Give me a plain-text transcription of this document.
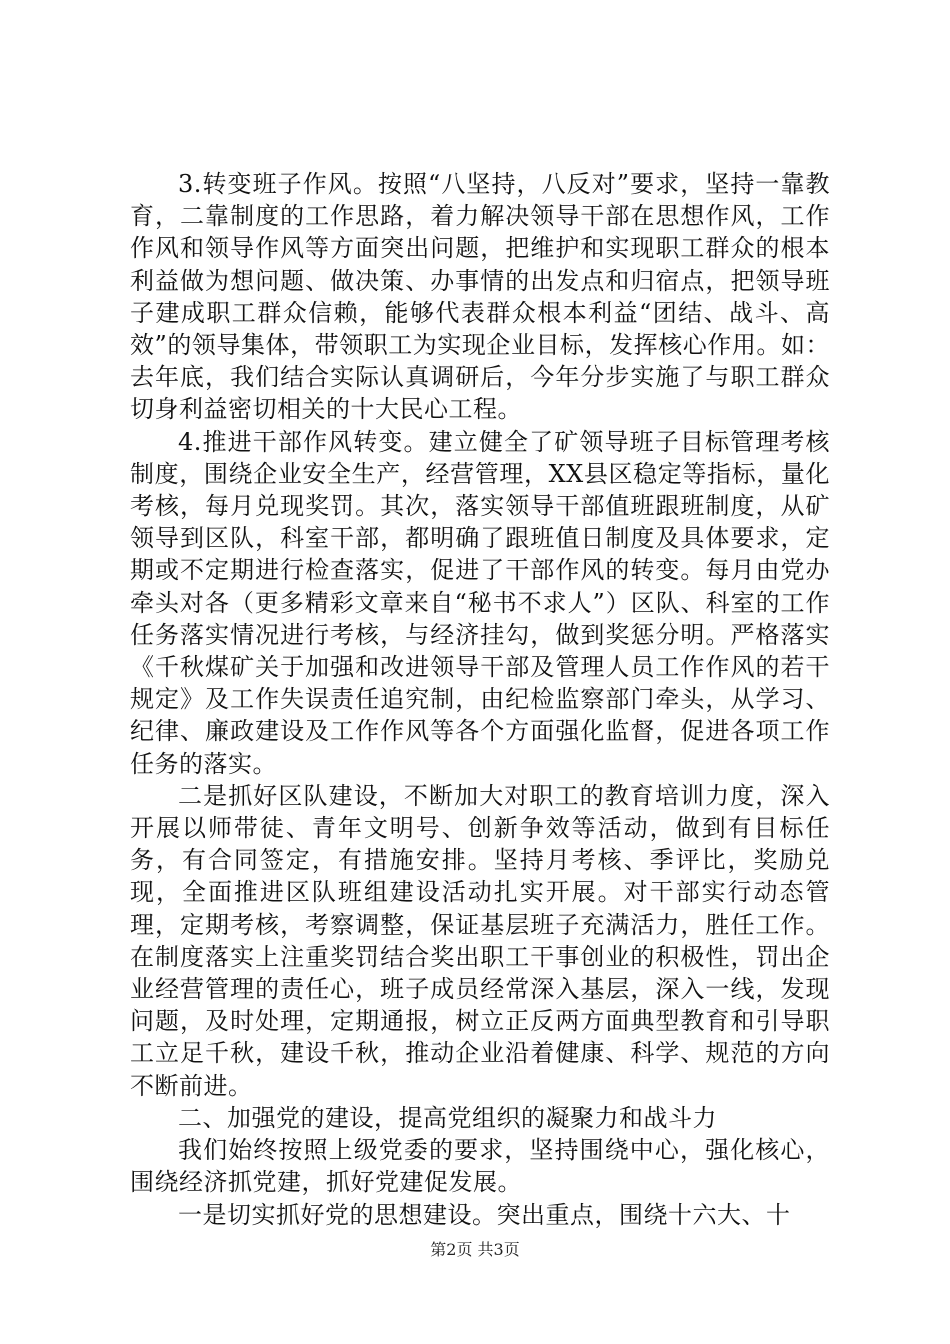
3.转变班子作风。按照“八坚持，八反对”要求，坚持一靠教育，二靠制度的工作思路，着力解决领导干部在思想作风，工作作风和领导作风等方面突出问题，把维护和实现职工群众的根本利益做为想问题、做决策、办事情的出发点和归宿点，把领导班子建成职工群众信赖，能够代表群众根本利益“团结、战斗、高效”的领导集体，带领职工为实现企业目标，发挥核心作用。如：去年底，我们结合实际认真调研后，今年分步实施了与职工群众切身利益密切相关的十大民心工程。

4.推进干部作风转变。建立健全了矿领导班子目标管理考核制度，围绕企业安全生产，经营管理，XX县区稳定等指标，量化考核，每月兑现奖罚。其次，落实领导干部值班跟班制度，从矿领导到区队，科室干部，都明确了跟班值日制度及具体要求，定期或不定期进行检查落实，促进了干部作风的转变。每月由党办牵头对各（更多精彩文章来自“秘书不求人”）区队、科室的工作任务落实情况进行考核，与经济挂勾，做到奖惩分明。严格落实《千秋煤矿关于加强和改进领导干部及管理人员工作作风的若干规定》及工作失误责任追究制，由纪检监察部门牵头，从学习、纪律、廉政建设及工作作风等各个方面强化监督，促进各项工作任务的落实。

二是抓好区队建设，不断加大对职工的教育培训力度，深入开展以师带徒、青年文明号、创新争效等活动，做到有目标任务，有合同签定，有措施安排。坚持月考核、季评比，奖励兑现，全面推进区队班组建设活动扎实开展。对干部实行动态管理，定期考核，考察调整，保证基层班子充满活力，胜任工作。在制度落实上注重奖罚结合奖出职工干事创业的积极性，罚出企业经营管理的责任心，班子成员经常深入基层，深入一线，发现问题，及时处理，定期通报，树立正反两方面典型教育和引导职工立足千秋，建设千秋，推动企业沿着健康、科学、规范的方向不断前进。

二、加强党的建设，提高党组织的凝聚力和战斗力

我们始终按照上级党委的要求，坚持围绕中心，强化核心，围绕经济抓党建，抓好党建促发展。

一是切实抓好党的思想建设。突出重点，围绕十六大、十

第2页 共3页
